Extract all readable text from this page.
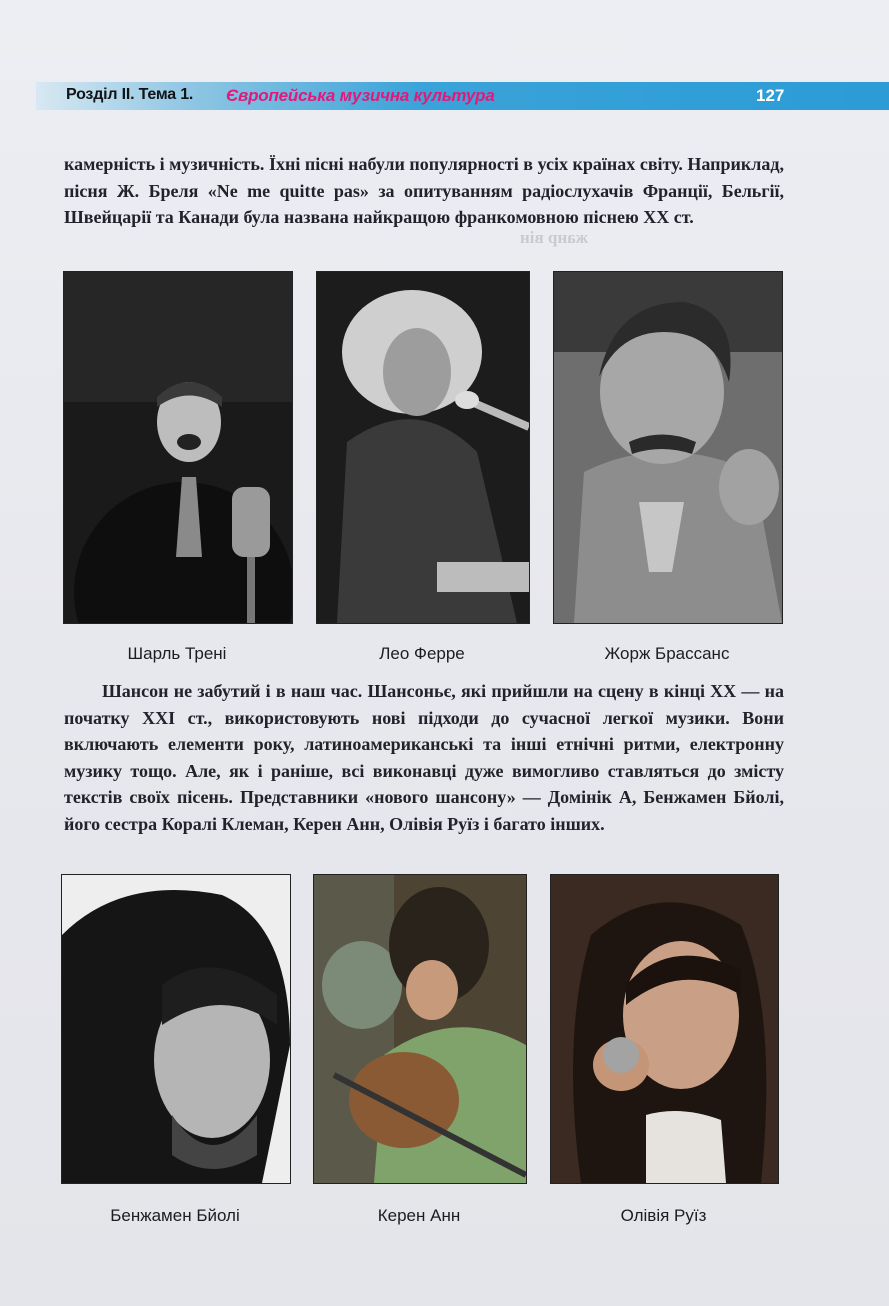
Розділ ІІ. Тема 1. Європейська музична культура	127

камерність і музичність. Їхні пісні набули популярності в усіх країнах світу. Наприклад, пісня Ж. Бреля «Ne me quitte pas» за опитуванням радіослухачів Франції, Бельгії, Швейцарії та Канади була названа найкращою франкомовною піснею XX ст.

жанр він
Шарль Трені	Лео Ферре	Жорж Брассанс

Шансон не забутий і в наш час. Шансоньє, які прийшли на сцену в кінці XX — на початку XXI ст., використовують нові підходи до сучасної легкої музики. Вони включають елементи року, латиноамериканські та інші етнічні ритми, електронну музику тощо. Але, як і раніше, всі виконавці дуже вимогливо ставляться до змісту текстів своїх пісень. Представники «нового шансону» — Домінік А, Бенжамен Бйолі, його сестра Коралі Клеман, Керен Анн, Олівія Руїз і багато інших.

Бенжамен Бйолі	Керен Анн	Олівія Руїз
